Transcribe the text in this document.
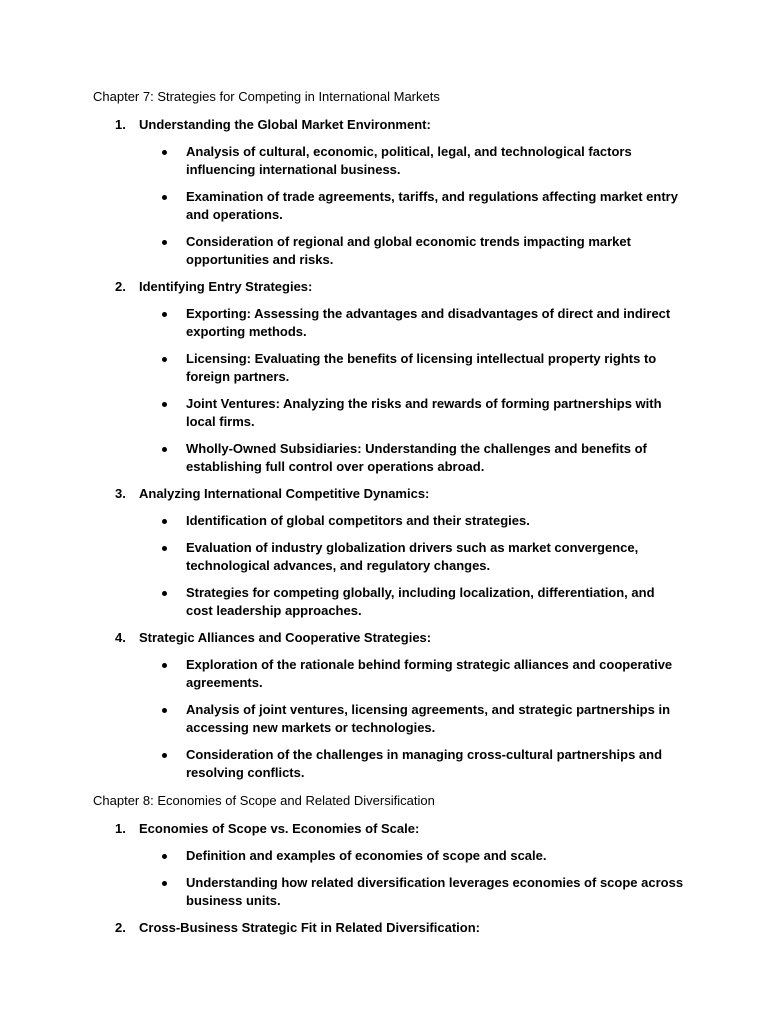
Chapter 7: Strategies for Competing in International Markets
1. Understanding the Global Market Environment:
Analysis of cultural, economic, political, legal, and technological factors influencing international business.
Examination of trade agreements, tariffs, and regulations affecting market entry and operations.
Consideration of regional and global economic trends impacting market opportunities and risks.
2. Identifying Entry Strategies:
Exporting: Assessing the advantages and disadvantages of direct and indirect exporting methods.
Licensing: Evaluating the benefits of licensing intellectual property rights to foreign partners.
Joint Ventures: Analyzing the risks and rewards of forming partnerships with local firms.
Wholly-Owned Subsidiaries: Understanding the challenges and benefits of establishing full control over operations abroad.
3. Analyzing International Competitive Dynamics:
Identification of global competitors and their strategies.
Evaluation of industry globalization drivers such as market convergence, technological advances, and regulatory changes.
Strategies for competing globally, including localization, differentiation, and cost leadership approaches.
4. Strategic Alliances and Cooperative Strategies:
Exploration of the rationale behind forming strategic alliances and cooperative agreements.
Analysis of joint ventures, licensing agreements, and strategic partnerships in accessing new markets or technologies.
Consideration of the challenges in managing cross-cultural partnerships and resolving conflicts.
Chapter 8: Economies of Scope and Related Diversification
1. Economies of Scope vs. Economies of Scale:
Definition and examples of economies of scope and scale.
Understanding how related diversification leverages economies of scope across business units.
2. Cross-Business Strategic Fit in Related Diversification:
